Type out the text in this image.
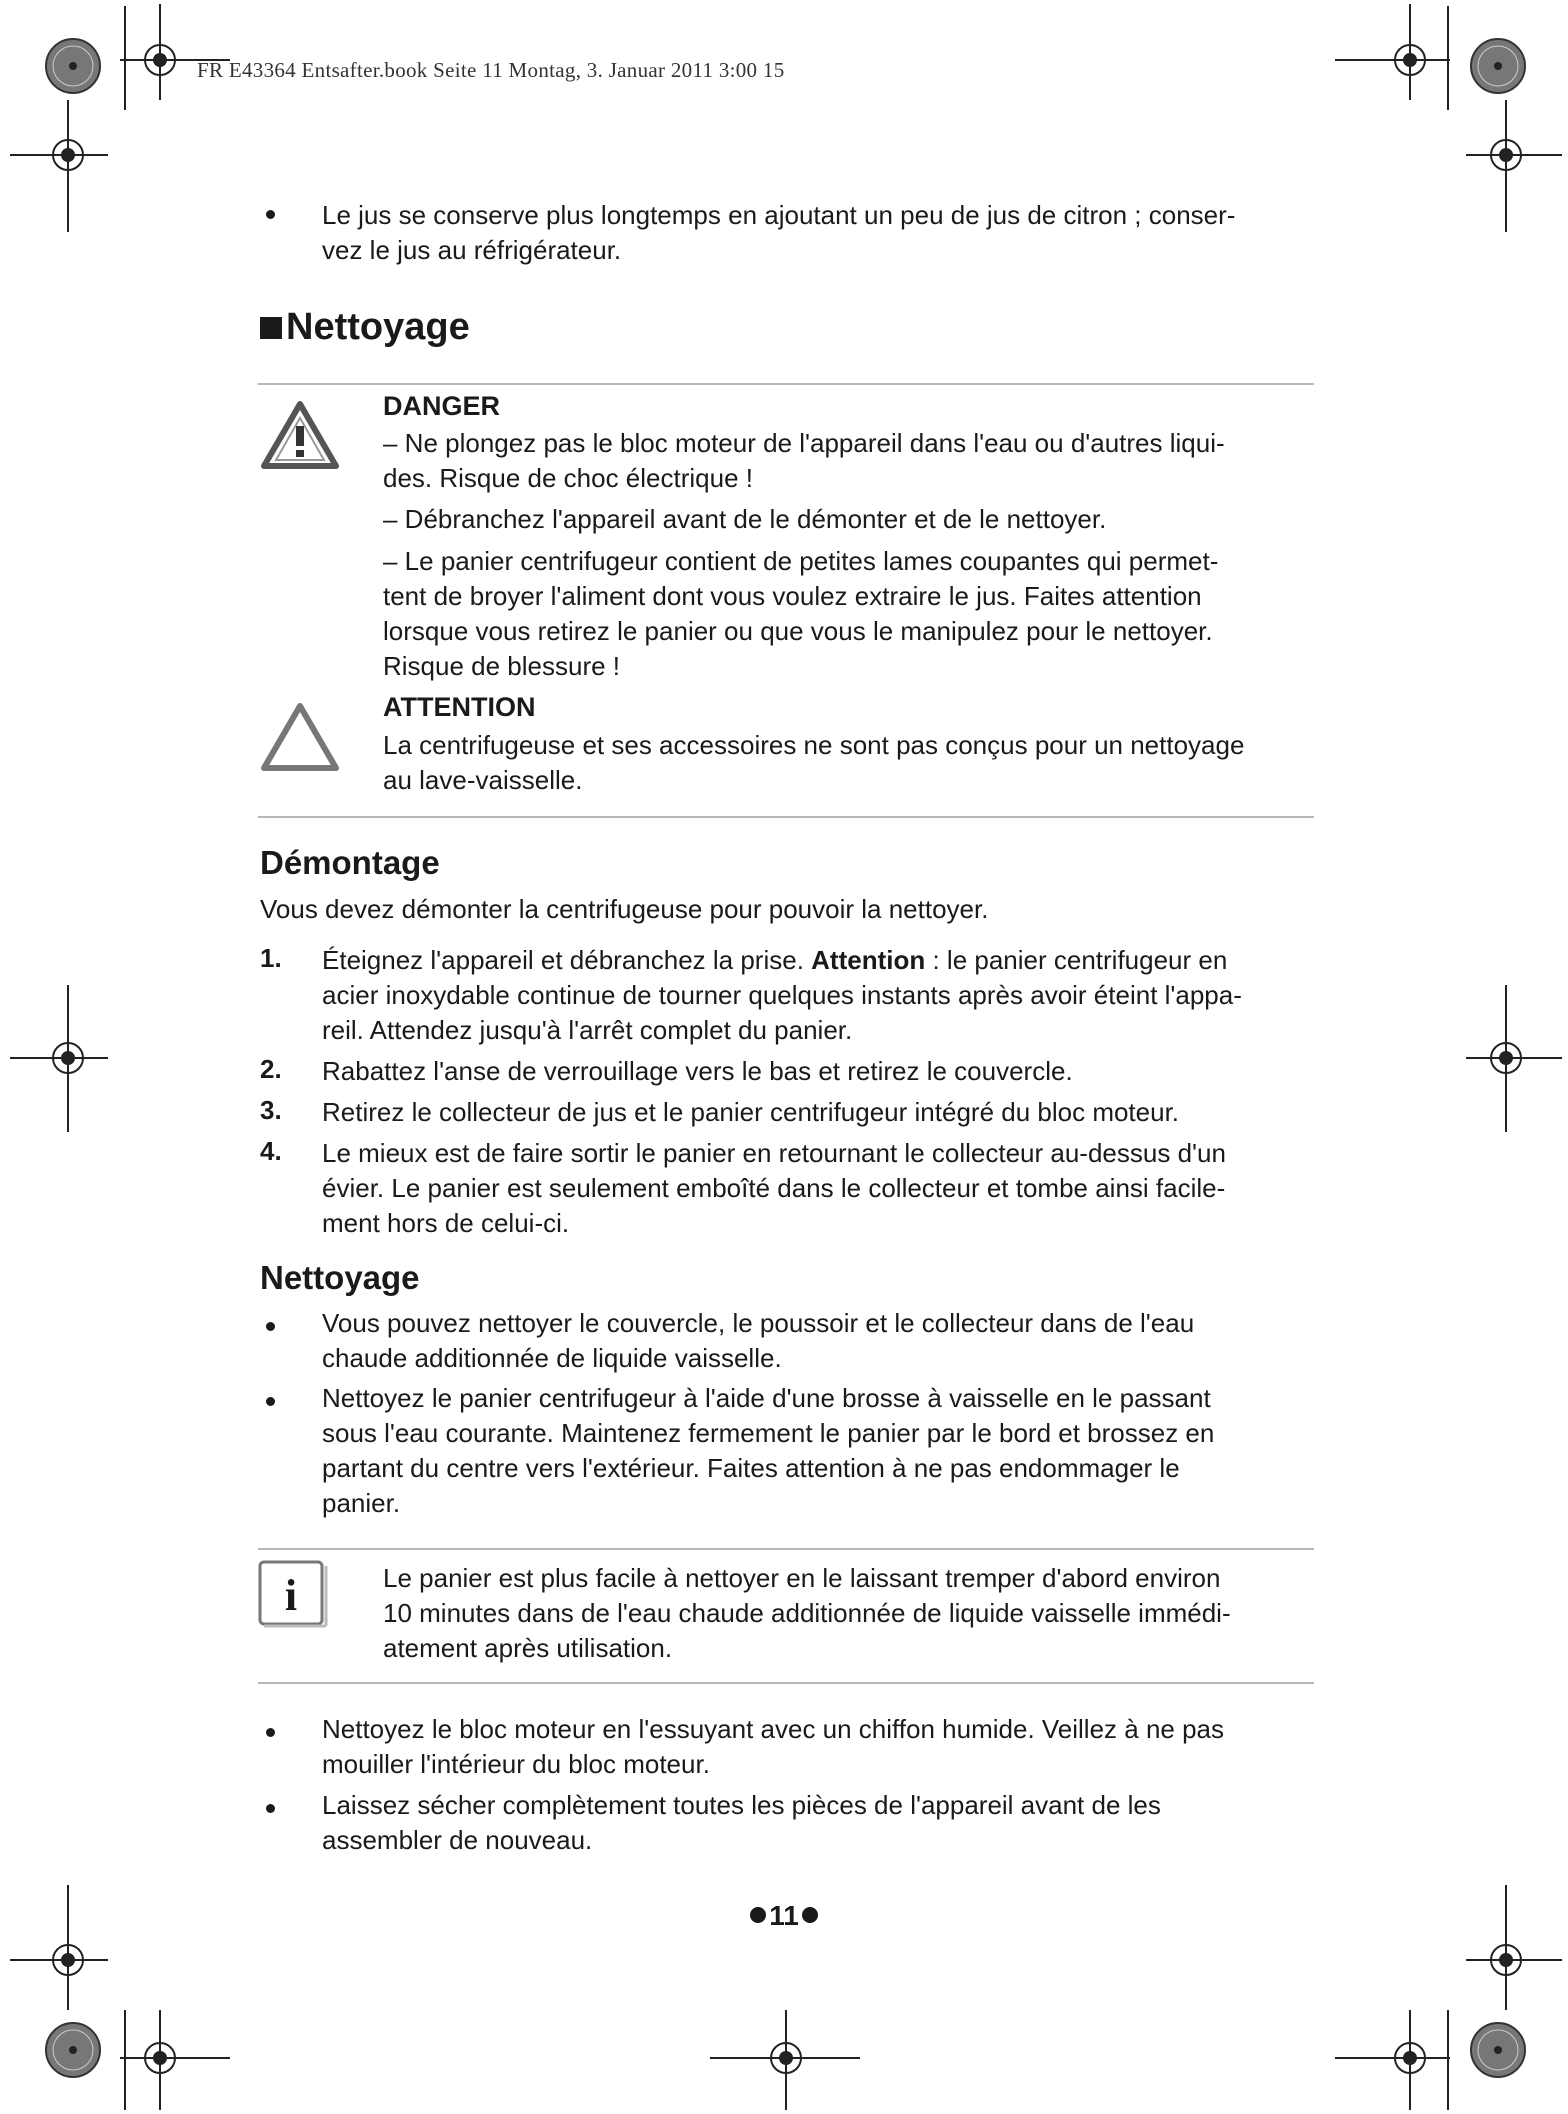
FR E43364 Entsafter.book Seite 11 Montag, 3. Januar 2011 3:00 15

Le jus se conserve plus longtemps en ajoutant un peu de jus de citron ; conser-
vez le jus au réfrigérateur.

Nettoyage
DANGER

– Ne plongez pas le bloc moteur de l'appareil dans l'eau ou d'autres liqui-
des. Risque de choc électrique !

– Débranchez l'appareil avant de le démonter et de le nettoyer.

– Le panier centrifugeur contient de petites lames coupantes qui permet-
tent de broyer l'aliment dont vous voulez extraire le jus. Faites attention
lorsque vous retirez le panier ou que vous le manipulez pour le nettoyer.
Risque de blessure !

ATTENTION

La centrifugeuse et ses accessoires ne sont pas conçus pour un nettoyage
au lave-vaisselle.

Démontage

Vous devez démonter la centrifugeuse pour pouvoir la nettoyer.

1. Éteignez l'appareil et débranchez la prise. Attention : le panier centrifugeur en
acier inoxydable continue de tourner quelques instants après avoir éteint l'appa-
reil. Attendez jusqu'à l'arrêt complet du panier.

2. Rabattez l'anse de verrouillage vers le bas et retirez le couvercle.

3. Retirez le collecteur de jus et le panier centrifugeur intégré du bloc moteur.

4. Le mieux est de faire sortir le panier en retournant le collecteur au-dessus d'un
évier. Le panier est seulement emboîté dans le collecteur et tombe ainsi facile-
ment hors de celui-ci.

Nettoyage

Vous pouvez nettoyer le couvercle, le poussoir et le collecteur dans de l'eau
chaude additionnée de liquide vaisselle.

Nettoyez le panier centrifugeur à l'aide d'une brosse à vaisselle en le passant
sous l'eau courante. Maintenez fermement le panier par le bord et brossez en
partant du centre vers l'extérieur. Faites attention à ne pas endommager le
panier.

i	Le panier est plus facile à nettoyer en le laissant tremper d'abord environ
10 minutes dans de l'eau chaude additionnée de liquide vaisselle immédi-
atement après utilisation.

Nettoyez le bloc moteur en l'essuyant avec un chiffon humide. Veillez à ne pas
mouiller l'intérieur du bloc moteur.

Laissez sécher complètement toutes les pièces de l'appareil avant de les
assembler de nouveau.

11
